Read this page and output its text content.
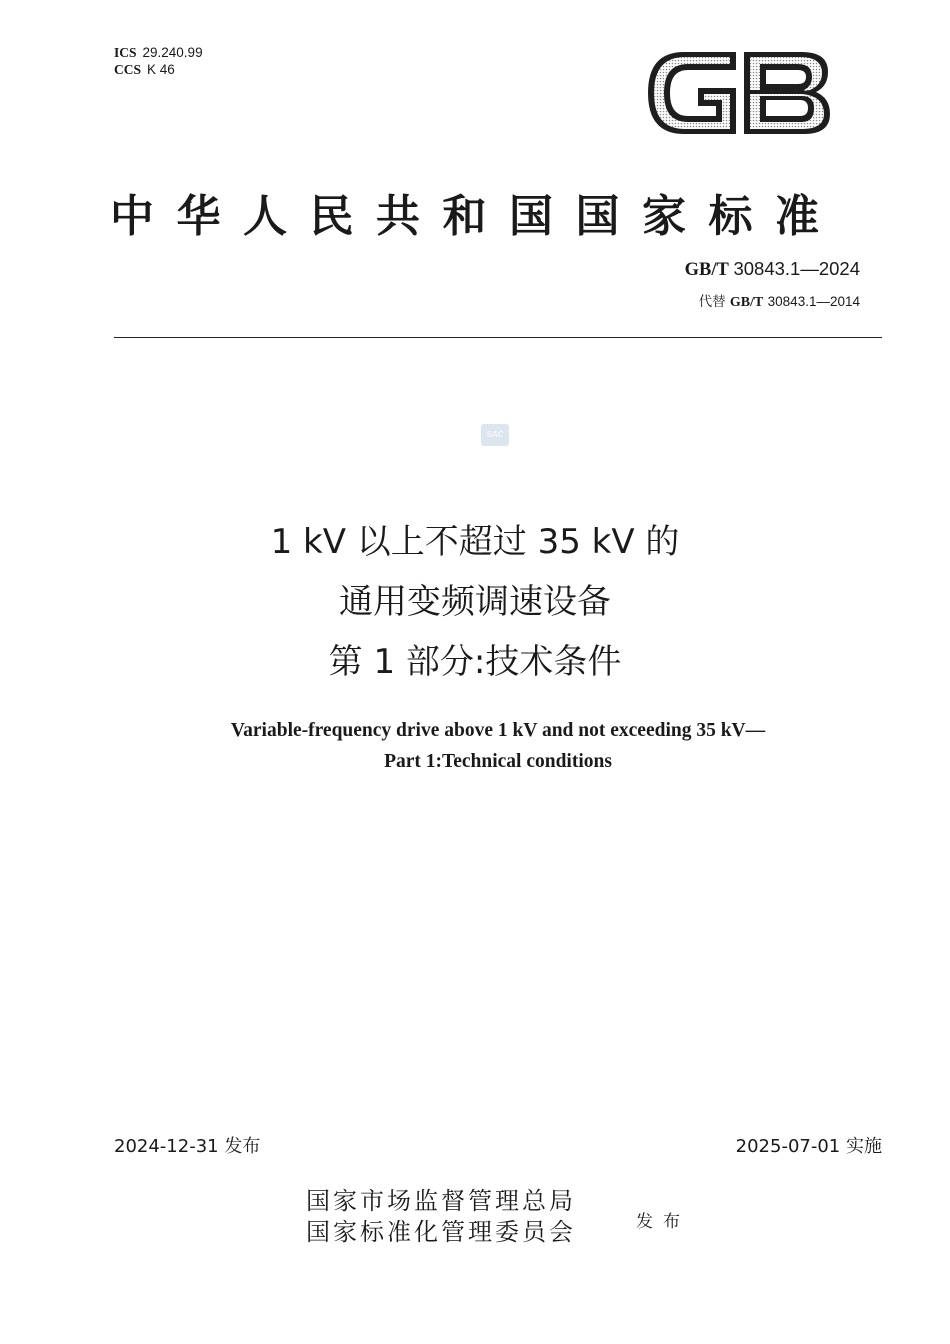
ICS 29.240.99
CCS K 46
中华人民共和国国家标准
GB/T 30843.1—2024
代替 GB/T 30843.1—2014
SAC
1 kV 以上不超过 35 kV 的
通用变频调速设备
第 1 部分:技术条件
Variable-frequency drive above 1 kV and not exceeding 35 kV—
Part 1:Technical conditions
2024-12-31 发布	2025-07-01 实施
国家市场监督管理总局
国家标准化管理委员会	发布
